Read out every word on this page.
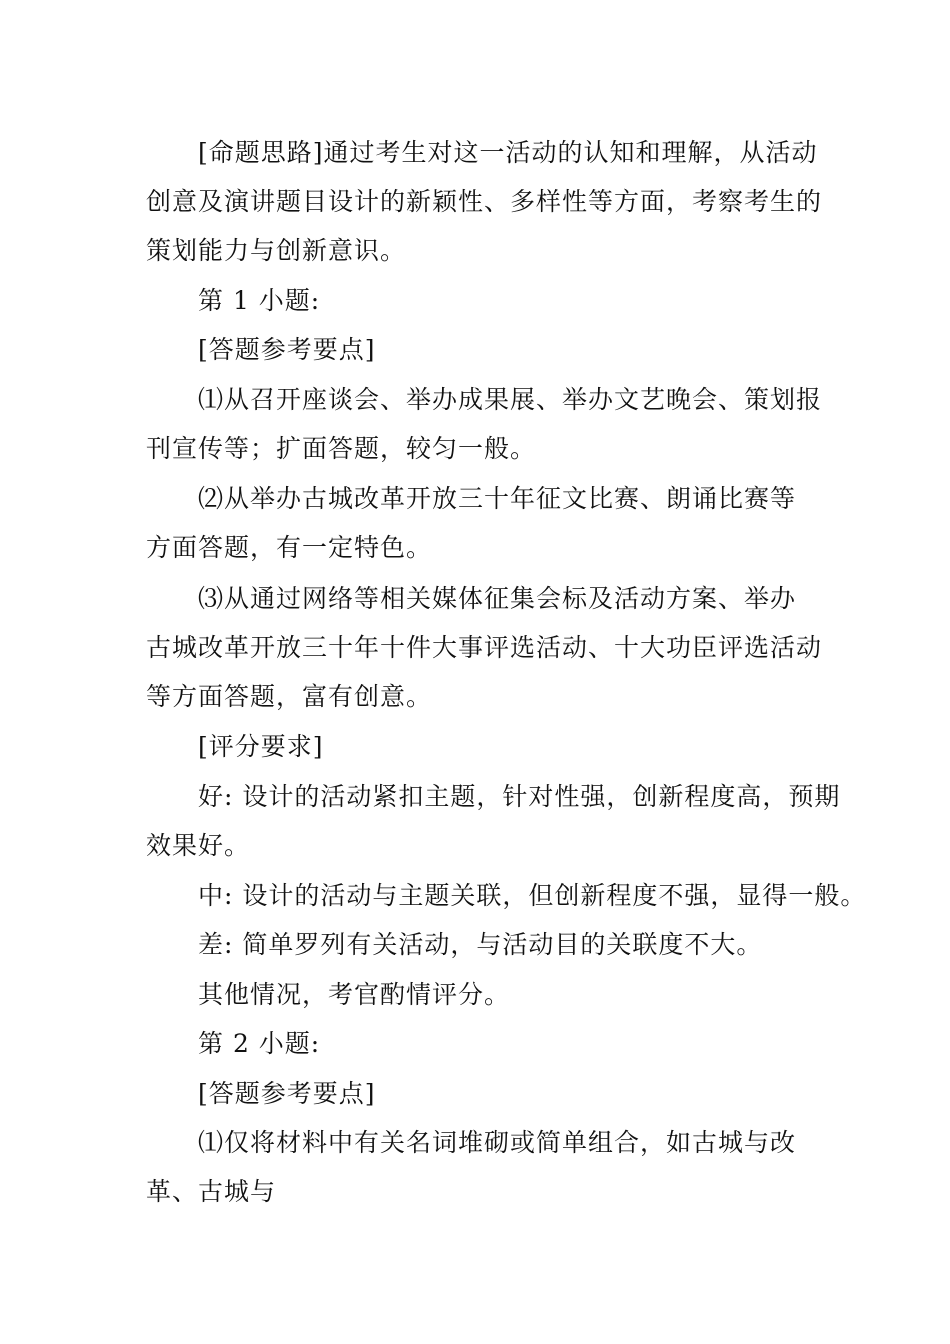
[命题思路]通过考生对这一活动的认知和理解，从活动
创意及演讲题目设计的新颖性、多样性等方面，考察考生的
策划能力与创新意识。
第 1 小题:
[答题参考要点]
⑴从召开座谈会、举办成果展、举办文艺晚会、策划报
刊宣传等；扩面答题，较匀一般。
⑵从举办古城改革开放三十年征文比赛、朗诵比赛等
方面答题，有一定特色。
⑶从通过网络等相关媒体征集会标及活动方案、举办
古城改革开放三十年十件大事评选活动、十大功臣评选活动
等方面答题，富有创意。
[评分要求]
好: 设计的活动紧扣主题，针对性强，创新程度高，预期
效果好。
中: 设计的活动与主题关联，但创新程度不强，显得一般。
差: 简单罗列有关活动，与活动目的关联度不大。
其他情况，考官酌情评分。
第 2 小题:
[答题参考要点]
⑴仅将材料中有关名词堆砌或简单组合，如古城与改
革、古城与
